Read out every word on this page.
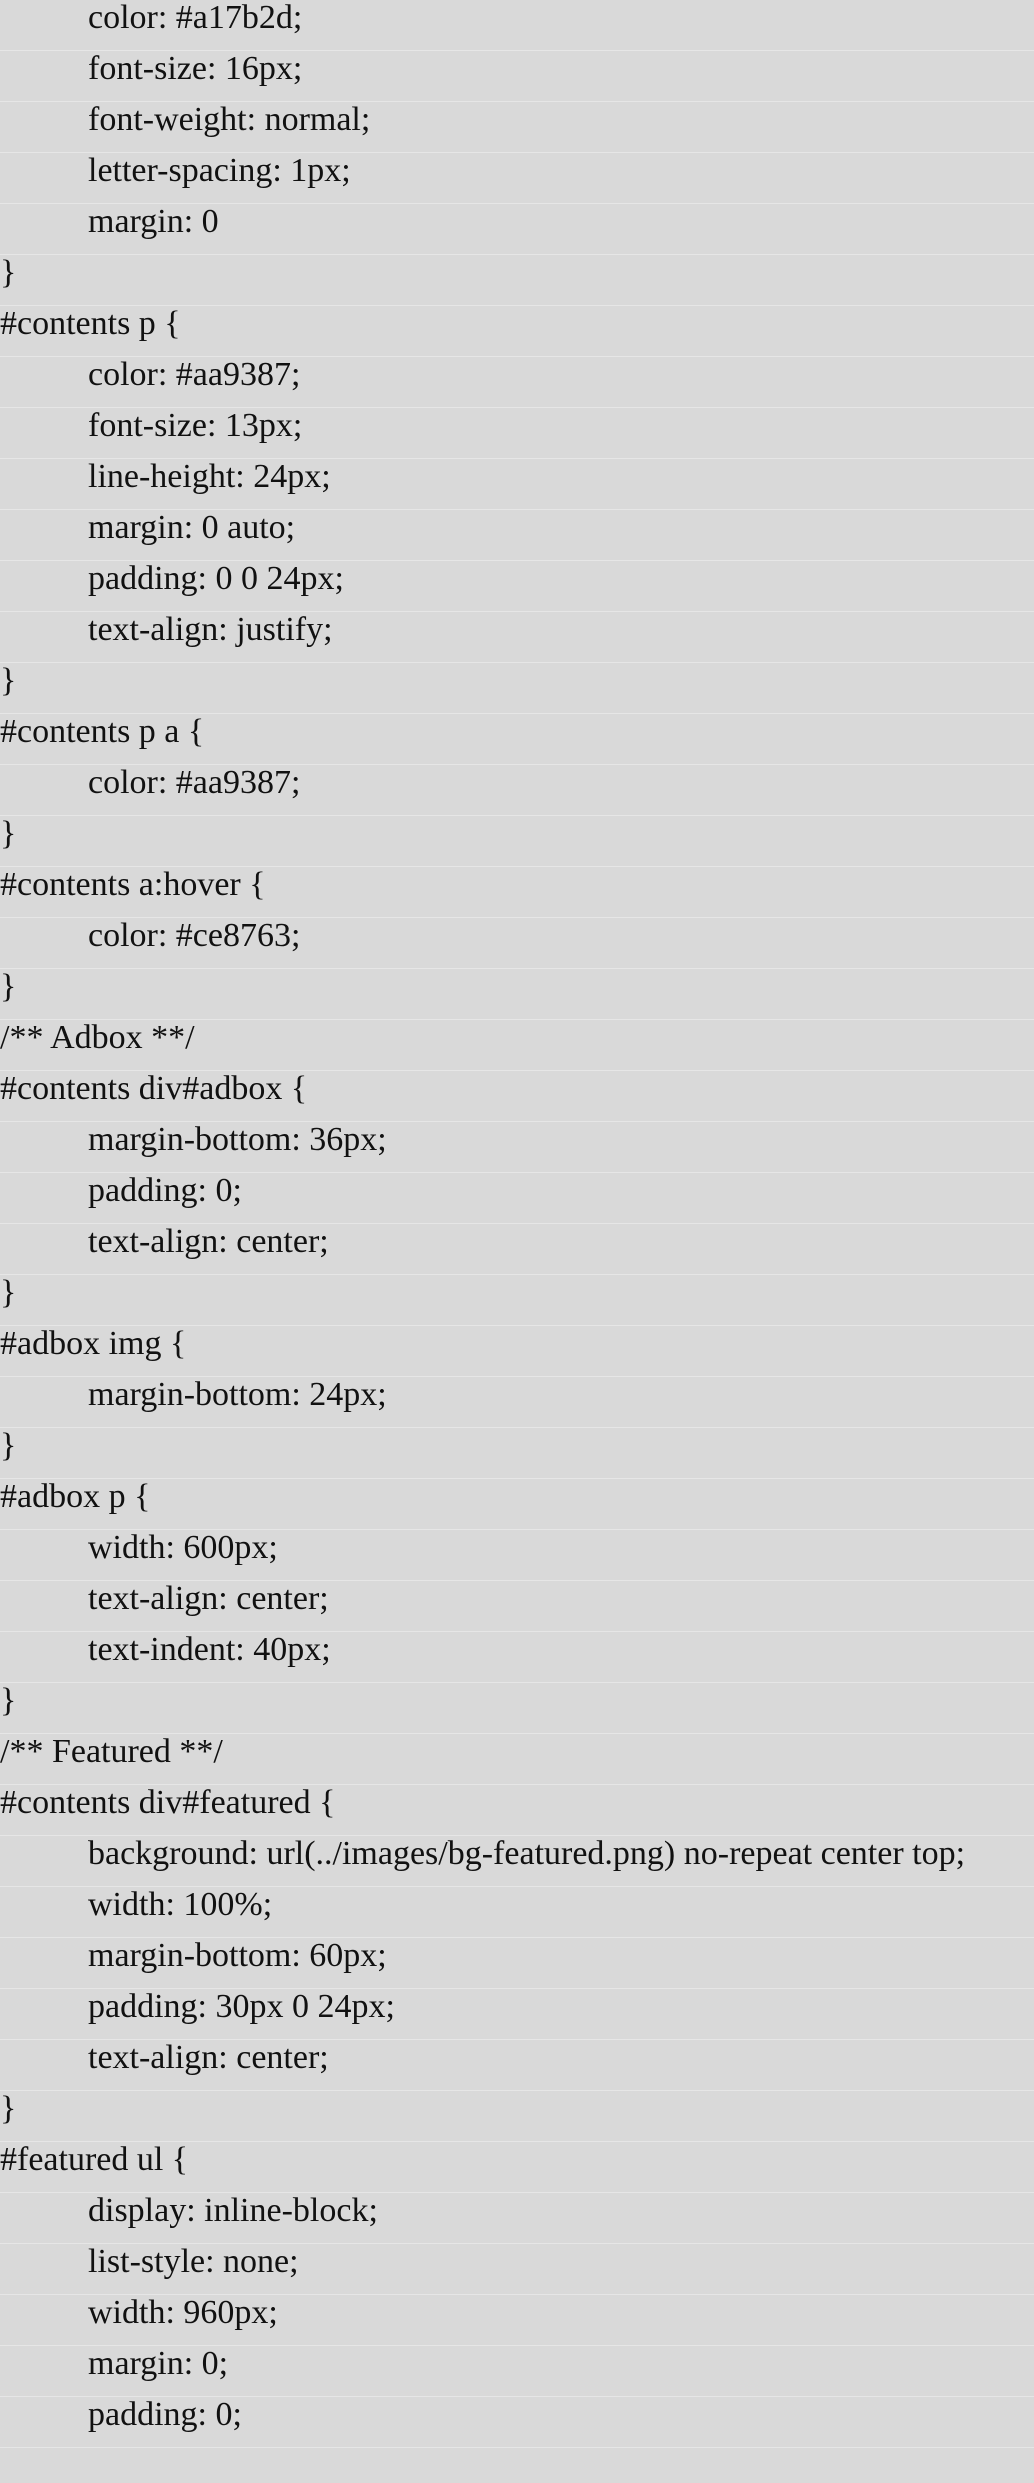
color: #a17b2d;
font-size: 16px;
font-weight: normal;
letter-spacing: 1px;
margin: 0
}
#contents p {
color: #aa9387;
font-size: 13px;
line-height: 24px;
margin: 0 auto;
padding: 0 0 24px;
text-align: justify;
}
#contents p a {
color: #aa9387;
}
#contents a:hover {
color: #ce8763;
}
/** Adbox **/
#contents div#adbox {
margin-bottom: 36px;
padding: 0;
text-align: center;
}
#adbox img {
margin-bottom: 24px;
}
#adbox p {
width: 600px;
text-align: center;
text-indent: 40px;
}
/** Featured **/
#contents div#featured {
background: url(../images/bg-featured.png) no-repeat center top;
width: 100%;
margin-bottom: 60px;
padding: 30px 0 24px;
text-align: center;
}
#featured ul {
display: inline-block;
list-style: none;
width: 960px;
margin: 0;
padding: 0;
